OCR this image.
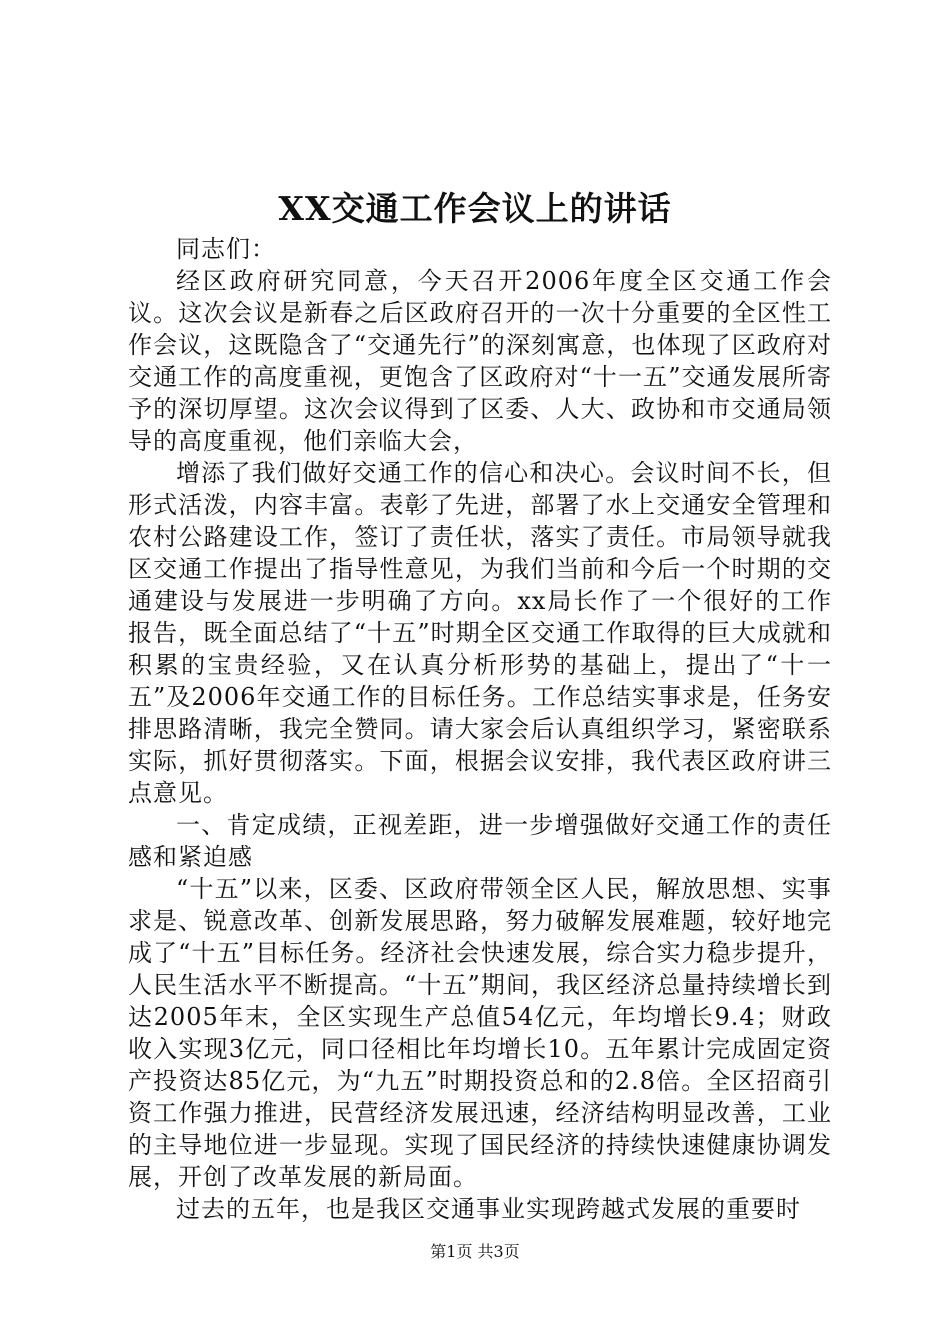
XX交通工作会议上的讲话

同志们：

经区政府研究同意，今天召开2006年度全区交通工作会议。这次会议是新春之后区政府召开的一次十分重要的全区性工作会议，这既隐含了“交通先行”的深刻寓意，也体现了区政府对交通工作的高度重视，更饱含了区政府对“十一五”交通发展所寄予的深切厚望。这次会议得到了区委、人大、政协和市交通局领导的高度重视，他们亲临大会，

增添了我们做好交通工作的信心和决心。会议时间不长，但形式活泼，内容丰富。表彰了先进，部署了水上交通安全管理和农村公路建设工作，签订了责任状，落实了责任。市局领导就我区交通工作提出了指导性意见，为我们当前和今后一个时期的交通建设与发展进一步明确了方向。xx局长作了一个很好的工作报告，既全面总结了“十五”时期全区交通工作取得的巨大成就和积累的宝贵经验，又在认真分析形势的基础上，提出了“十一五”及2006年交通工作的目标任务。工作总结实事求是，任务安排思路清晰，我完全赞同。请大家会后认真组织学习，紧密联系实际，抓好贯彻落实。下面，根据会议安排，我代表区政府讲三点意见。

一、肯定成绩，正视差距，进一步增强做好交通工作的责任感和紧迫感

“十五”以来，区委、区政府带领全区人民，解放思想、实事求是、锐意改革、创新发展思路，努力破解发展难题，较好地完成了“十五”目标任务。经济社会快速发展，综合实力稳步提升，人民生活水平不断提高。“十五”期间，我区经济总量持续增长到达2005年末，全区实现生产总值54亿元，年均增长9.4；财政收入实现3亿元，同口径相比年均增长10。五年累计完成固定资产投资达85亿元，为“九五”时期投资总和的2.8倍。全区招商引资工作强力推进，民营经济发展迅速，经济结构明显改善，工业的主导地位进一步显现。实现了国民经济的持续快速健康协调发展，开创了改革发展的新局面。

过去的五年，也是我区交通事业实现跨越式发展的重要时

第1页 共3页
